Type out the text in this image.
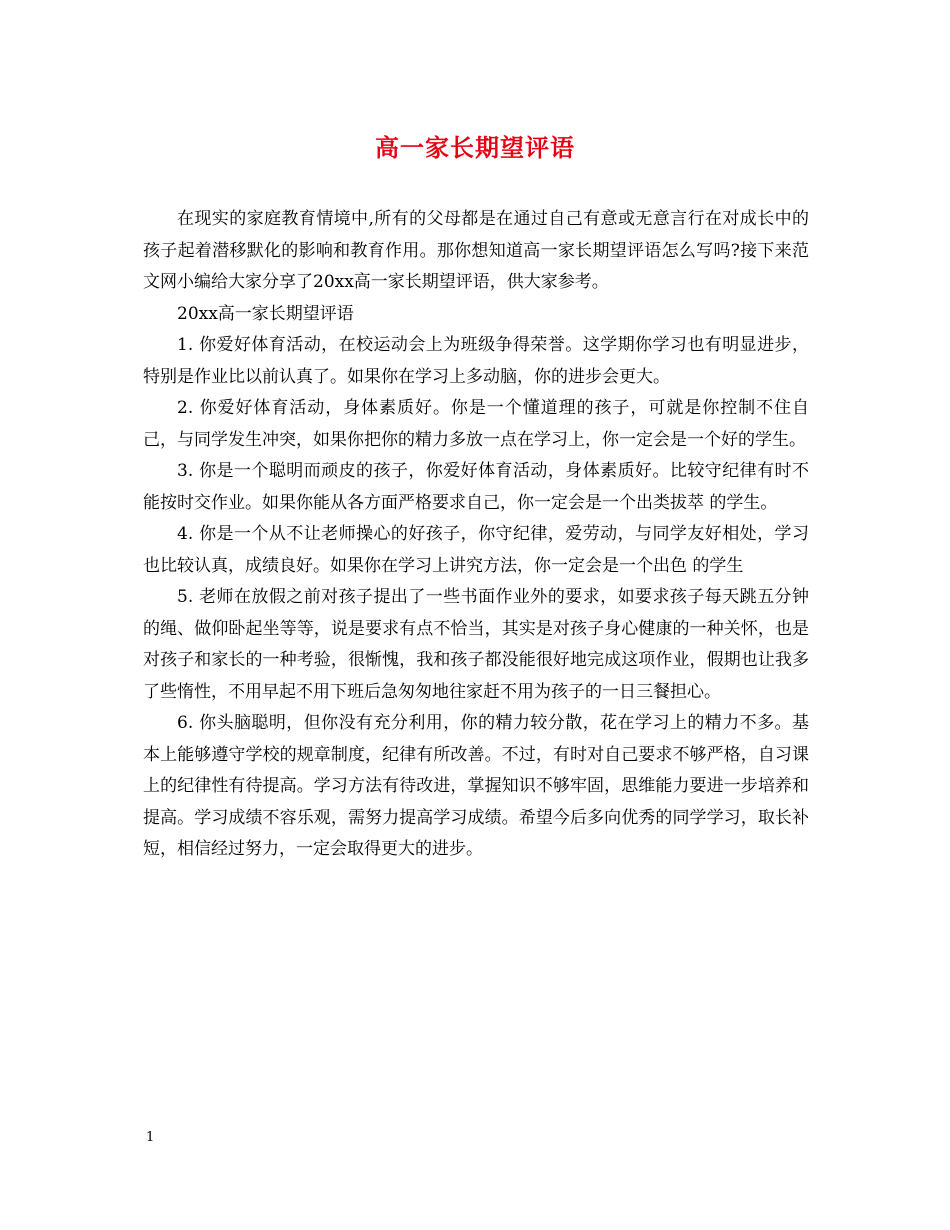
高一家长期望评语

在现实的家庭教育情境中,所有的父母都是在通过自己有意或无意言行在对成长中的孩子起着潜移默化的影响和教育作用。那你想知道高一家长期望评语怎么写吗?接下来范文网小编给大家分享了20xx高一家长期望评语，供大家参考。

20xx高一家长期望评语

1. 你爱好体育活动，在校运动会上为班级争得荣誉。这学期你学习也有明显进步，特别是作业比以前认真了。如果你在学习上多动脑，你的进步会更大。

2. 你爱好体育活动，身体素质好。你是一个懂道理的孩子，可就是你控制不住自己，与同学发生冲突，如果你把你的精力多放一点在学习上，你一定会是一个好的学生。

3. 你是一个聪明而顽皮的孩子，你爱好体育活动，身体素质好。比较守纪律有时不能按时交作业。如果你能从各方面严格要求自己，你一定会是一个出类拔萃 的学生。

4. 你是一个从不让老师操心的好孩子，你守纪律，爱劳动，与同学友好相处，学习也比较认真，成绩良好。如果你在学习上讲究方法，你一定会是一个出色 的学生

5. 老师在放假之前对孩子提出了一些书面作业外的要求，如要求孩子每天跳五分钟的绳、做仰卧起坐等等，说是要求有点不恰当，其实是对孩子身心健康的一种关怀，也是对孩子和家长的一种考验，很惭愧，我和孩子都没能很好地完成这项作业，假期也让我多了些惰性，不用早起不用下班后急匆匆地往家赶不用为孩子的一日三餐担心。

6. 你头脑聪明，但你没有充分利用，你的精力较分散，花在学习上的精力不多。基本上能够遵守学校的规章制度，纪律有所改善。不过，有时对自己要求不够严格，自习课上的纪律性有待提高。学习方法有待改进，掌握知识不够牢固，思维能力要进一步培养和提高。学习成绩不容乐观，需努力提高学习成绩。希望今后多向优秀的同学学习，取长补短，相信经过努力，一定会取得更大的进步。

1
